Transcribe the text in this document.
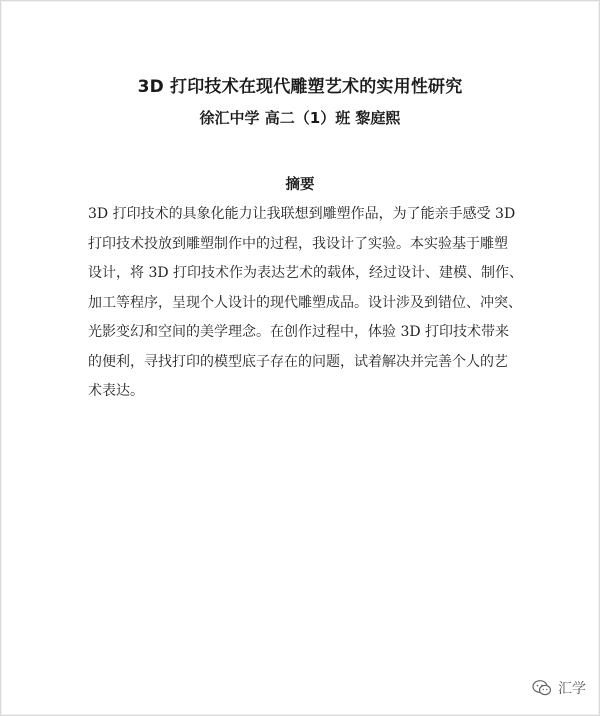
3D 打印技术在现代雕塑艺术的实用性研究
徐汇中学 高二（1）班 黎庭熙
摘要
3D 打印技术的具象化能力让我联想到雕塑作品，为了能亲手感受 3D
打印技术投放到雕塑制作中的过程，我设计了实验。本实验基于雕塑
设计，将 3D 打印技术作为表达艺术的载体，经过设计、建模、制作、
加工等程序，呈现个人设计的现代雕塑成品。设计涉及到错位、冲突、
光影变幻和空间的美学理念。在创作过程中，体验 3D 打印技术带来
的便利，寻找打印的模型底子存在的问题，试着解决并完善个人的艺
术表达。
汇学
